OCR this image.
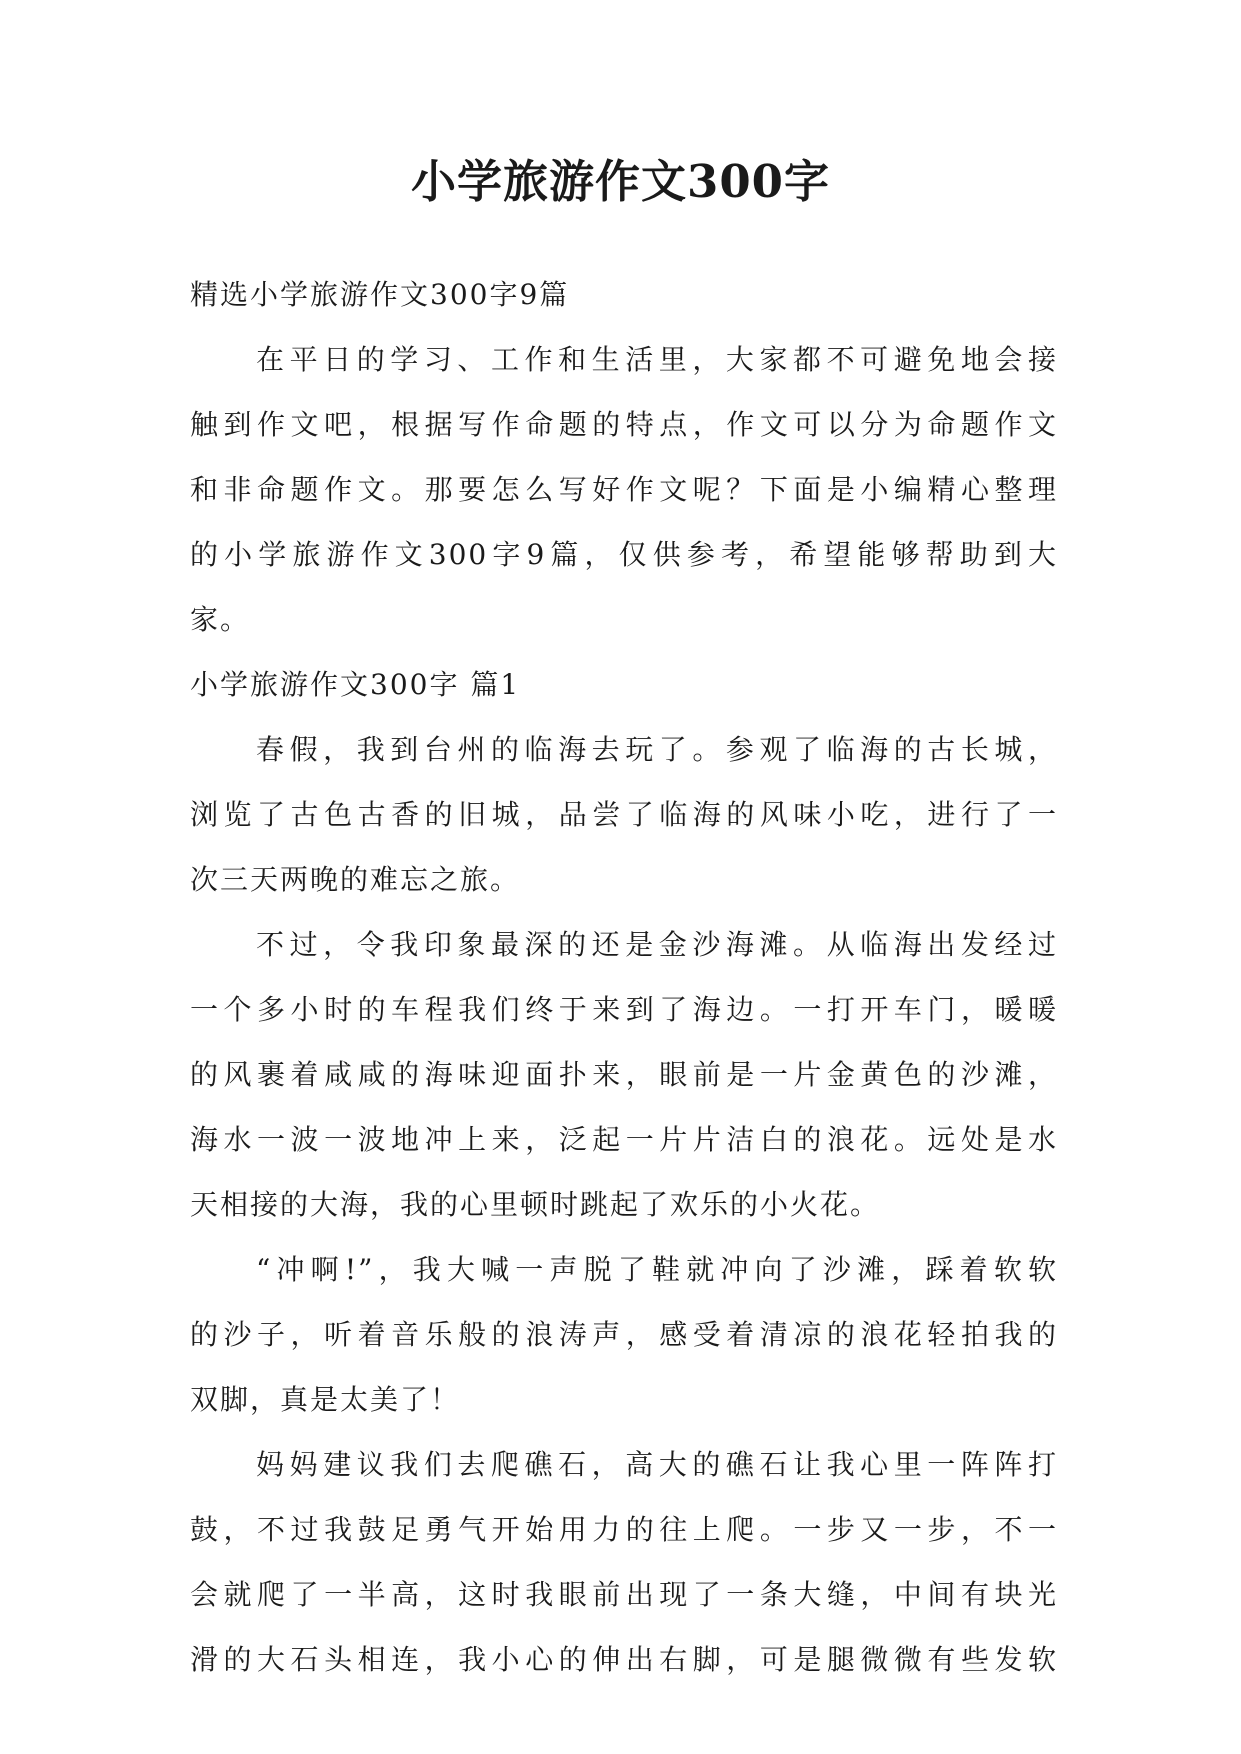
小学旅游作文300字
精选小学旅游作文300字9篇
在平日的学习、工作和生活里，大家都不可避免地会接
触到作文吧，根据写作命题的特点，作文可以分为命题作文
和非命题作文。那要怎么写好作文呢？下面是小编精心整理
的小学旅游作文300字9篇，仅供参考，希望能够帮助到大
家。
小学旅游作文300字 篇1
春假，我到台州的临海去玩了。参观了临海的古长城，
浏览了古色古香的旧城，品尝了临海的风味小吃，进行了一
次三天两晚的难忘之旅。
不过，令我印象最深的还是金沙海滩。从临海出发经过
一个多小时的车程我们终于来到了海边。一打开车门，暖暖
的风裹着咸咸的海味迎面扑来，眼前是一片金黄色的沙滩，
海水一波一波地冲上来，泛起一片片洁白的浪花。远处是水
天相接的大海，我的心里顿时跳起了欢乐的小火花。
“冲啊!”，我大喊一声脱了鞋就冲向了沙滩，踩着软软
的沙子，听着音乐般的浪涛声，感受着清凉的浪花轻拍我的
双脚，真是太美了！
妈妈建议我们去爬礁石，高大的礁石让我心里一阵阵打
鼓，不过我鼓足勇气开始用力的往上爬。一步又一步，不一
会就爬了一半高，这时我眼前出现了一条大缝，中间有块光
滑的大石头相连，我小心的伸出右脚，可是腿微微有些发软
